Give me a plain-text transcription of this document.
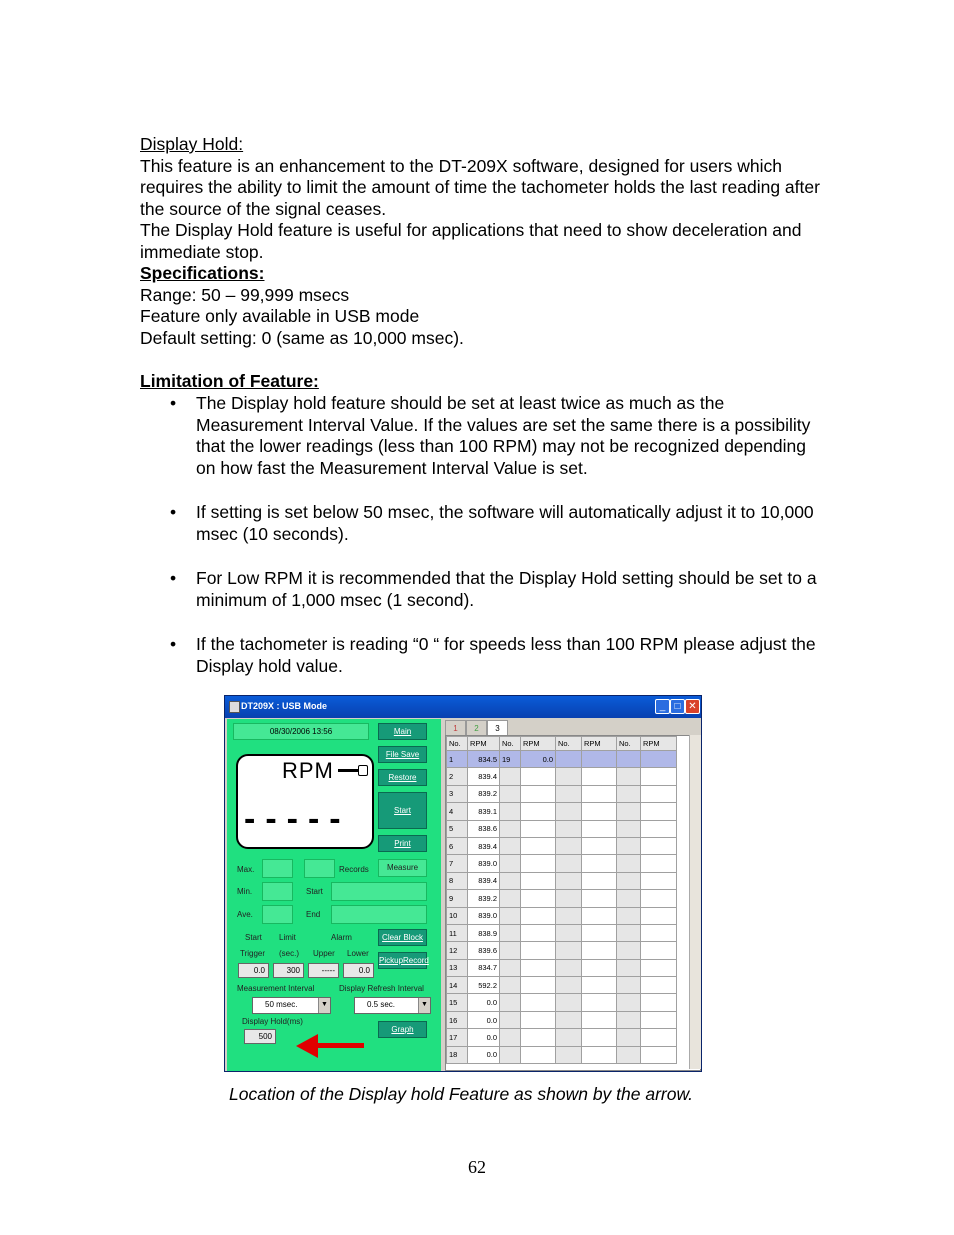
Display Hold:

This feature is an enhancement to the DT-209X software, designed for users which requires the ability to limit the amount of time the tachometer holds the last reading after the source of the signal ceases.

The Display Hold feature is useful for applications that need to show deceleration and immediate stop.

Specifications:

Range: 50 – 99,999 msecs

Feature only available in USB mode

Default setting: 0 (same as 10,000 msec).

Limitation of Feature:

• The Display hold feature should be set at least twice as much as the Measurement Interval Value. If the values are set the same there is a possibility that the lower readings (less than 100 RPM) may not be recognized depending on how fast the Measurement Interval Value is set.
• If setting is set below 50 msec, the software will automatically adjust it to 10,000 msec (10 seconds).
• For Low RPM it is recommended that the Display Hold setting should be set to a minimum of 1,000 msec (1 second).
• If the tachometer is reading “0 “ for speeds less than 100 RPM please adjust the Display hold value.
DT209X : USB Mode	_ □ ✕
08/30/2006 13:56	Main
File Save
Restore
Start
Print
RPM
-----
Max.	Records	Measure
Min.	Start
Ave.	End
Start Limit	Alarm	Clear Block
Trigger (sec.) Upper Lower
PickupRecord
0.0	300	-----	0.0
Measurement Interval	Display Refresh Interval
50 msec.	▼	0.5 sec.	▼
Display Hold(ms)
500
Graph
1	2	3
No.	RPM	No.	RPM	No.	RPM	No.	RPM
1	834.5	19	0.0				
2	839.4						
3	839.2						
4	839.1						
5	838.6						
6	839.4						
7	839.0						
8	839.4						
9	839.2						
10	839.0						
11	838.9						
12	839.6						
13	834.7						
14	592.2						
15	0.0						
16	0.0						
17	0.0						
18	0.0						
Location of the Display hold Feature as shown by the arrow.
62
